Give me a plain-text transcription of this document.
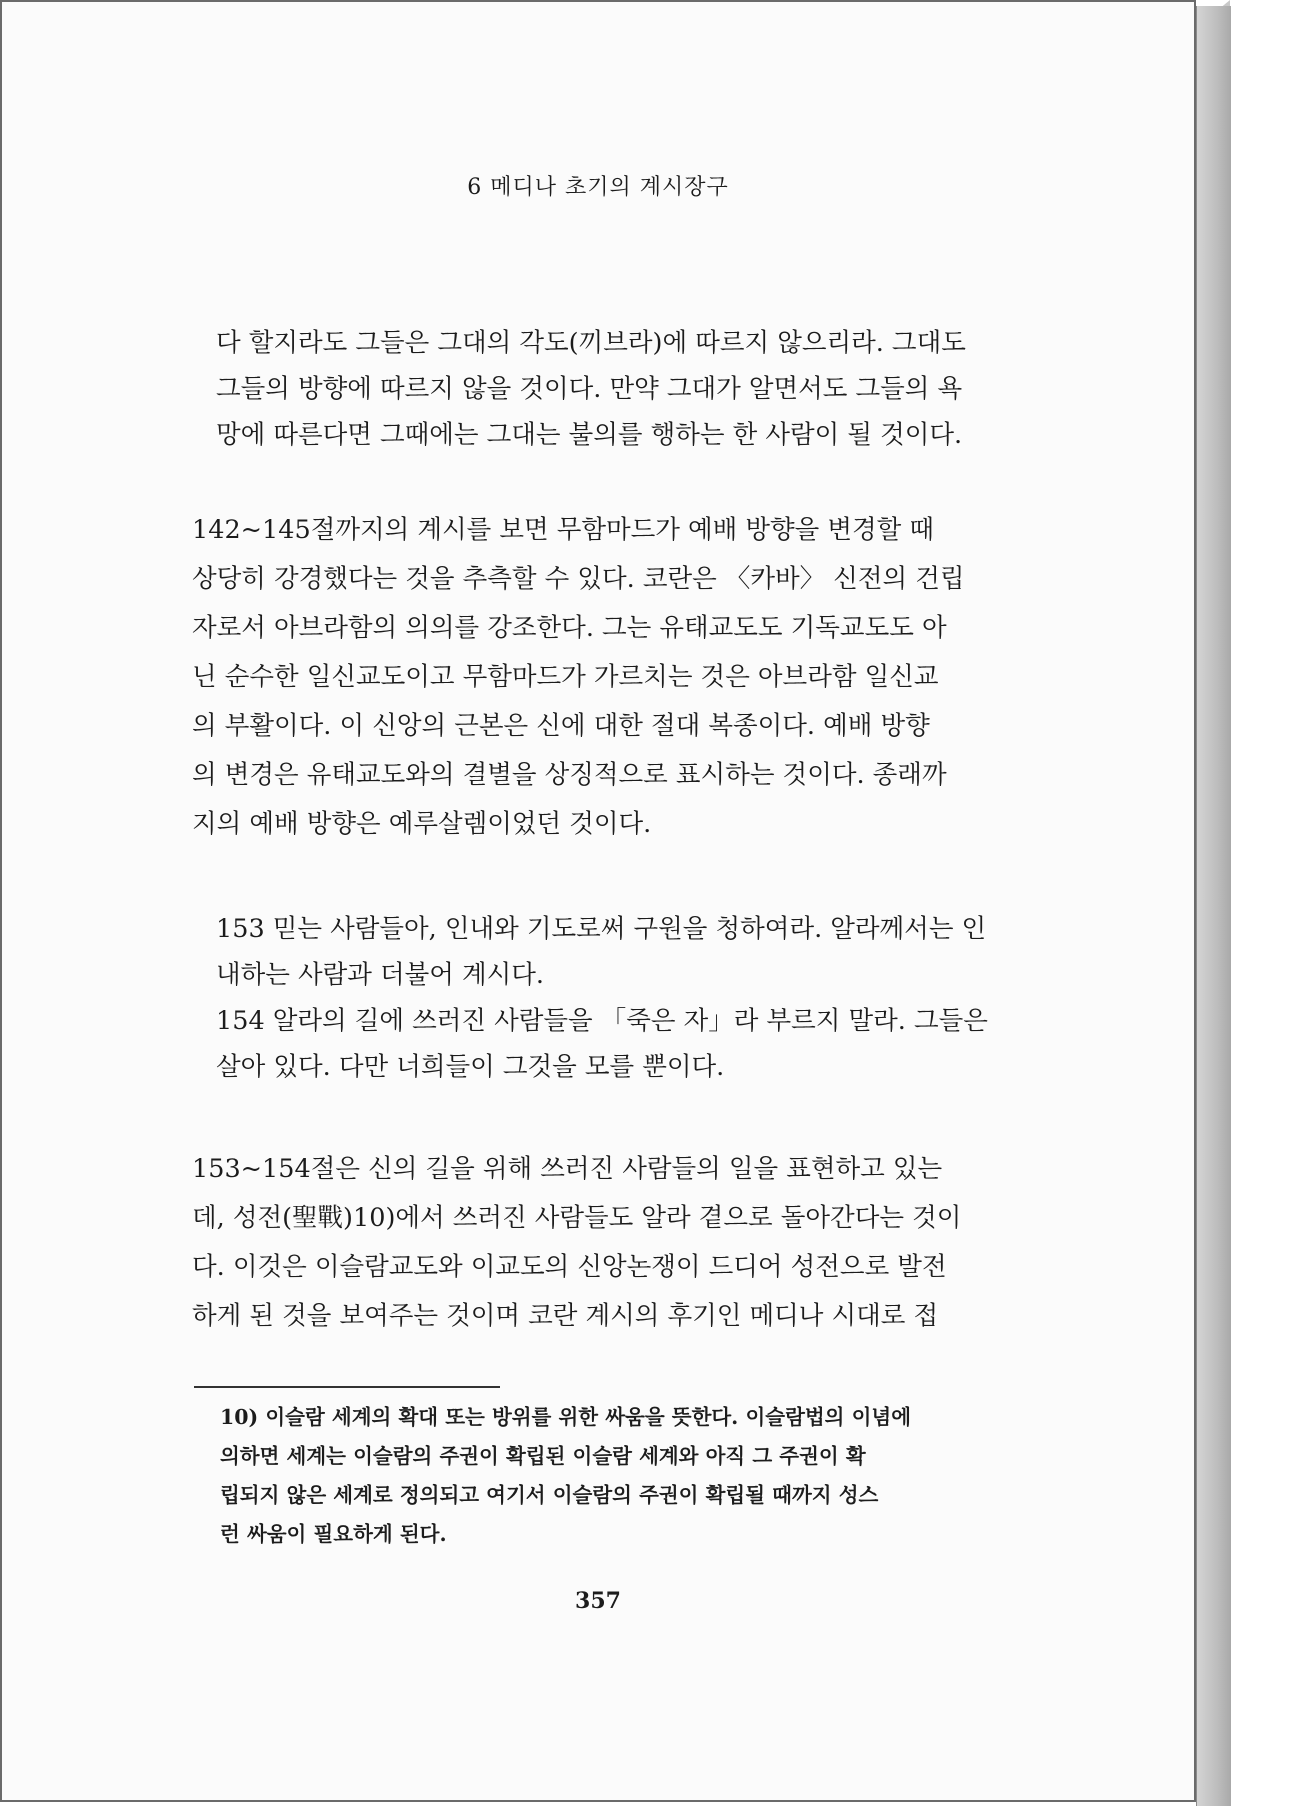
6 메디나 초기의 계시장구
다 할지라도 그들은 그대의 각도(끼브라)에 따르지 않으리라. 그대도
그들의 방향에 따르지 않을 것이다. 만약 그대가 알면서도 그들의 욕
망에 따른다면 그때에는 그대는 불의를 행하는 한 사람이 될 것이다.
142~145절까지의 계시를 보면 무함마드가 예배 방향을 변경할 때
상당히 강경했다는 것을 추측할 수 있다. 코란은 〈카바〉 신전의 건립
자로서 아브라함의 의의를 강조한다. 그는 유태교도도 기독교도도 아
닌 순수한 일신교도이고 무함마드가 가르치는 것은 아브라함 일신교
의 부활이다. 이 신앙의 근본은 신에 대한 절대 복종이다. 예배 방향
의 변경은 유태교도와의 결별을 상징적으로 표시하는 것이다. 종래까
지의 예배 방향은 예루살렘이었던 것이다.
153 믿는 사람들아, 인내와 기도로써 구원을 청하여라. 알라께서는 인
내하는 사람과 더불어 계시다.
154 알라의 길에 쓰러진 사람들을 「죽은 자」라 부르지 말라. 그들은
살아 있다. 다만 너희들이 그것을 모를 뿐이다.
153~154절은 신의 길을 위해 쓰러진 사람들의 일을 표현하고 있는
데, 성전(聖戰)10)에서 쓰러진 사람들도 알라 곁으로 돌아간다는 것이
다. 이것은 이슬람교도와 이교도의 신앙논쟁이 드디어 성전으로 발전
하게 된 것을 보여주는 것이며 코란 계시의 후기인 메디나 시대로 접
10) 이슬람 세계의 확대 또는 방위를 위한 싸움을 뜻한다. 이슬람법의 이념에
의하면 세계는 이슬람의 주권이 확립된 이슬람 세계와 아직 그 주권이 확
립되지 않은 세계로 정의되고 여기서 이슬람의 주권이 확립될 때까지 성스
런 싸움이 필요하게 된다.
357
